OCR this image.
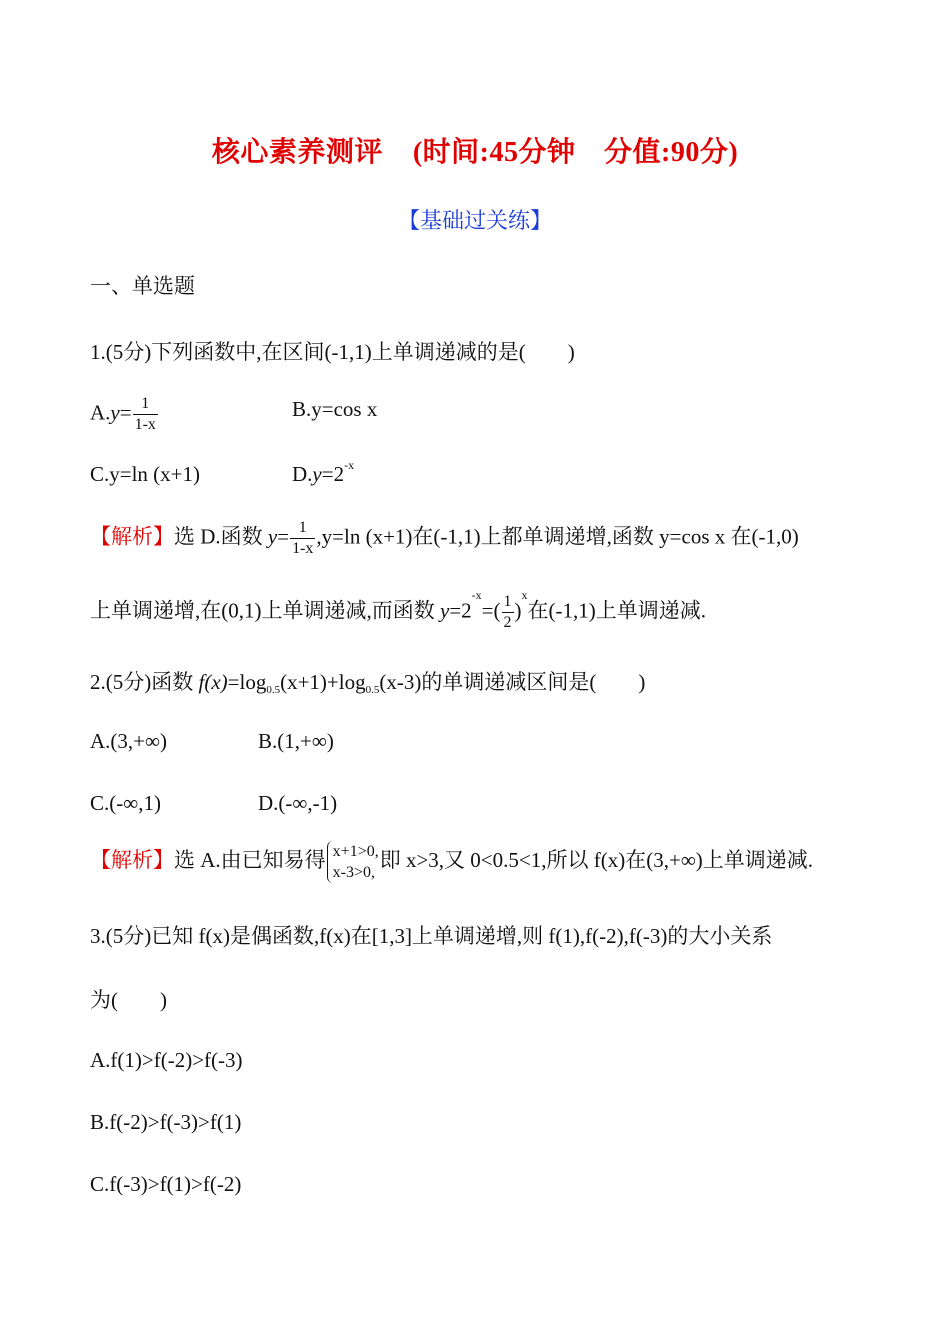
核心素养测评 (时间:45分钟　分值:90分)
【基础过关练】
一、单选题
1.(5分)下列函数中,在区间(-1,1)上单调递减的是(　　)
$A.y= \frac{1}{1-x}$	B.y=cos x
C.y=ln (x+1)	$D.y=2^{-x}$
【解析】选 D.函数 $y= \frac{1}{1-x} ,y=\ln$ (x+1)在(-1,1)上都单调递增,函数 y=cos x 在(-1,0)
上单调递增,在(0,1)上单调递减,而函数 $y=2^{-x}=( \frac{1}{2} )^x$在(-1,1)上单调递减.
2.(5分)函数 f(x)=log0.5(x+1)+log0.5(x-3)的单调递减区间是(　　)
A.(3,+∞)	B.(1,+∞)
C.(-∞,1)	D.(-∞,-1)
【解析】选 A.由已知易得 x+1>0,
x-3>0,
即 x>3,又 0<0.5<1,所以 f(x)在(3,+∞)上单调递减.
3.(5分)已知 f(x)是偶函数,f(x)在[1,3]上单调递增,则 f(1),f(-2),f(-3)的大小关系
为(　　)
A.f(1)>f(-2)>f(-3)
B.f(-2)>f(-3)>f(1)
C.f(-3)>f(1)>f(-2)
